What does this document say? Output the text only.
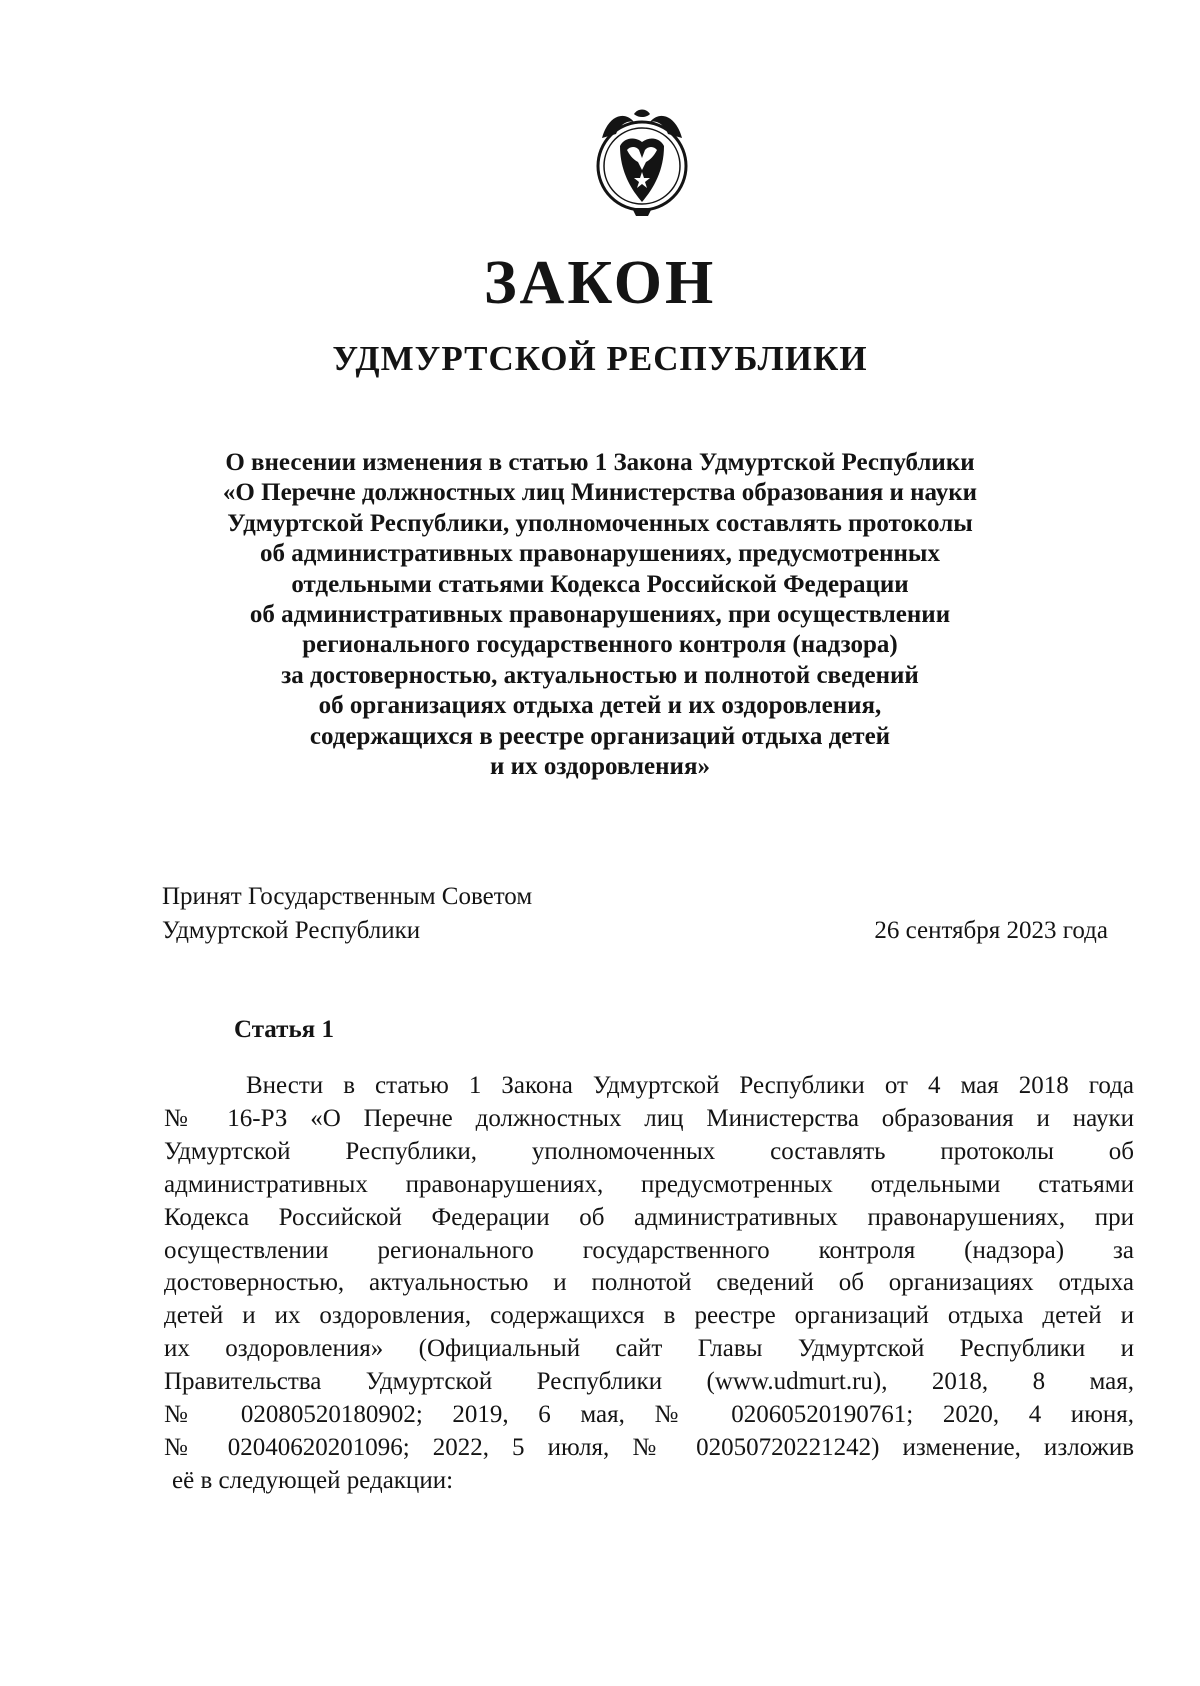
ЗАКОН
УДМУРТСКОЙ РЕСПУБЛИКИ
О внесении изменения в статью 1 Закона Удмуртской Республики
«О Перечне должностных лиц Министерства образования и науки
Удмуртской Республики, уполномоченных составлять протоколы
об административных правонарушениях, предусмотренных
отдельными статьями Кодекса Российской Федерации
об административных правонарушениях, при осуществлении
регионального государственного контроля (надзора)
за достоверностью, актуальностью и полнотой сведений
об организациях отдыха детей и их оздоровления,
содержащихся в реестре организаций отдыха детей
и их оздоровления»
Принят Государственным Советом
Удмуртской Республики	26 сентября 2023 года
Статья 1
Внести в статью 1 Закона Удмуртской Республики от 4 мая 2018 года
№ 16-РЗ «О Перечне должностных лиц Министерства образования и науки
Удмуртской Республики, уполномоченных составлять протоколы об
административных правонарушениях, предусмотренных отдельными статьями
Кодекса Российской Федерации об административных правонарушениях, при
осуществлении регионального государственного контроля (надзора) за
достоверностью, актуальностью и полнотой сведений об организациях отдыха
детей и их оздоровления, содержащихся в реестре организаций отдыха детей и
их оздоровления» (Официальный сайт Главы Удмуртской Республики и
Правительства Удмуртской Республики (www.udmurt.ru), 2018, 8 мая,
№ 02080520180902; 2019, 6 мая, № 02060520190761; 2020, 4 июня,
№ 02040620201096; 2022, 5 июля, № 02050720221242) изменение, изложив
её в следующей редакции:
